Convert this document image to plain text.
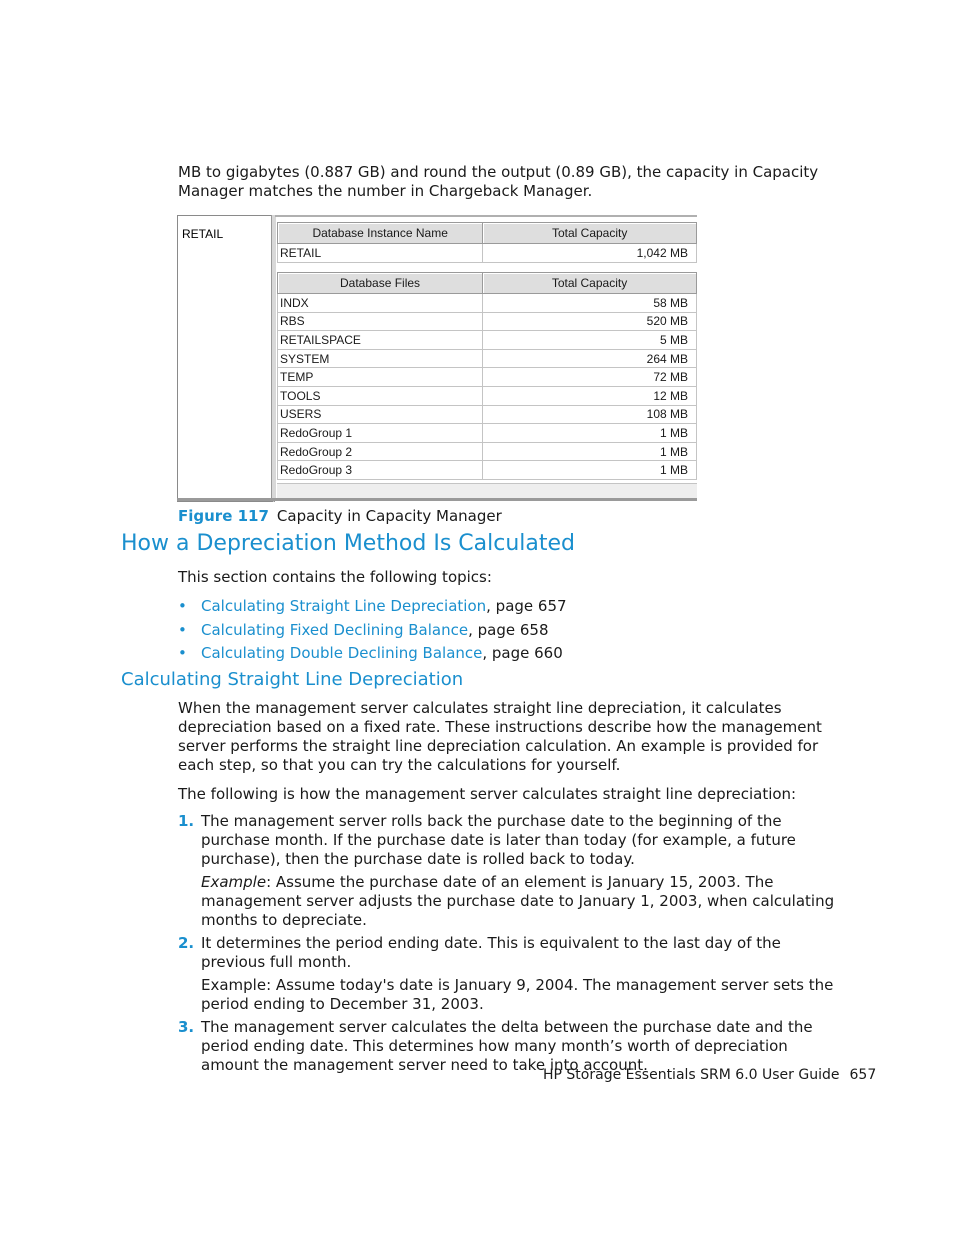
MB to gigabytes (0.887 GB) and round the output (0.89 GB), the capacity in Capacity Manager matches the number in Chargeback Manager.
RETAIL	Database Instance Name	Total Capacity
RETAIL	1,042 MB
Database Files	Total Capacity
INDX	58 MB
RBS	520 MB
RETAILSPACE	5 MB
SYSTEM	264 MB
TEMP	72 MB
TOOLS	12 MB
USERS	108 MB
RedoGroup 1	1 MB
RedoGroup 2	1 MB
RedoGroup 3	1 MB
Figure 117 Capacity in Capacity Manager
How a Depreciation Method Is Calculated
This section contains the following topics:
• Calculating Straight Line Depreciation, page 657
• Calculating Fixed Declining Balance, page 658
• Calculating Double Declining Balance, page 660
Calculating Straight Line Depreciation
When the management server calculates straight line depreciation, it calculates depreciation based on a fixed rate. These instructions describe how the management server performs the straight line depreciation calculation. An example is provided for each step, so that you can try the calculations for yourself.
The following is how the management server calculates straight line depreciation:
1. The management server rolls back the purchase date to the beginning of the purchase month. If the purchase date is later than today (for example, a future purchase), then the purchase date is rolled back to today.
Example: Assume the purchase date of an element is January 15, 2003. The management server adjusts the purchase date to January 1, 2003, when calculating months to depreciate.
2. It determines the period ending date. This is equivalent to the last day of the previous full month.
Example: Assume today's date is January 9, 2004. The management server sets the period ending to December 31, 2003.
3. The management server calculates the delta between the purchase date and the period ending date. This determines how many month’s worth of depreciation amount the management server need to take into account.
HP Storage Essentials SRM 6.0 User Guide 657
